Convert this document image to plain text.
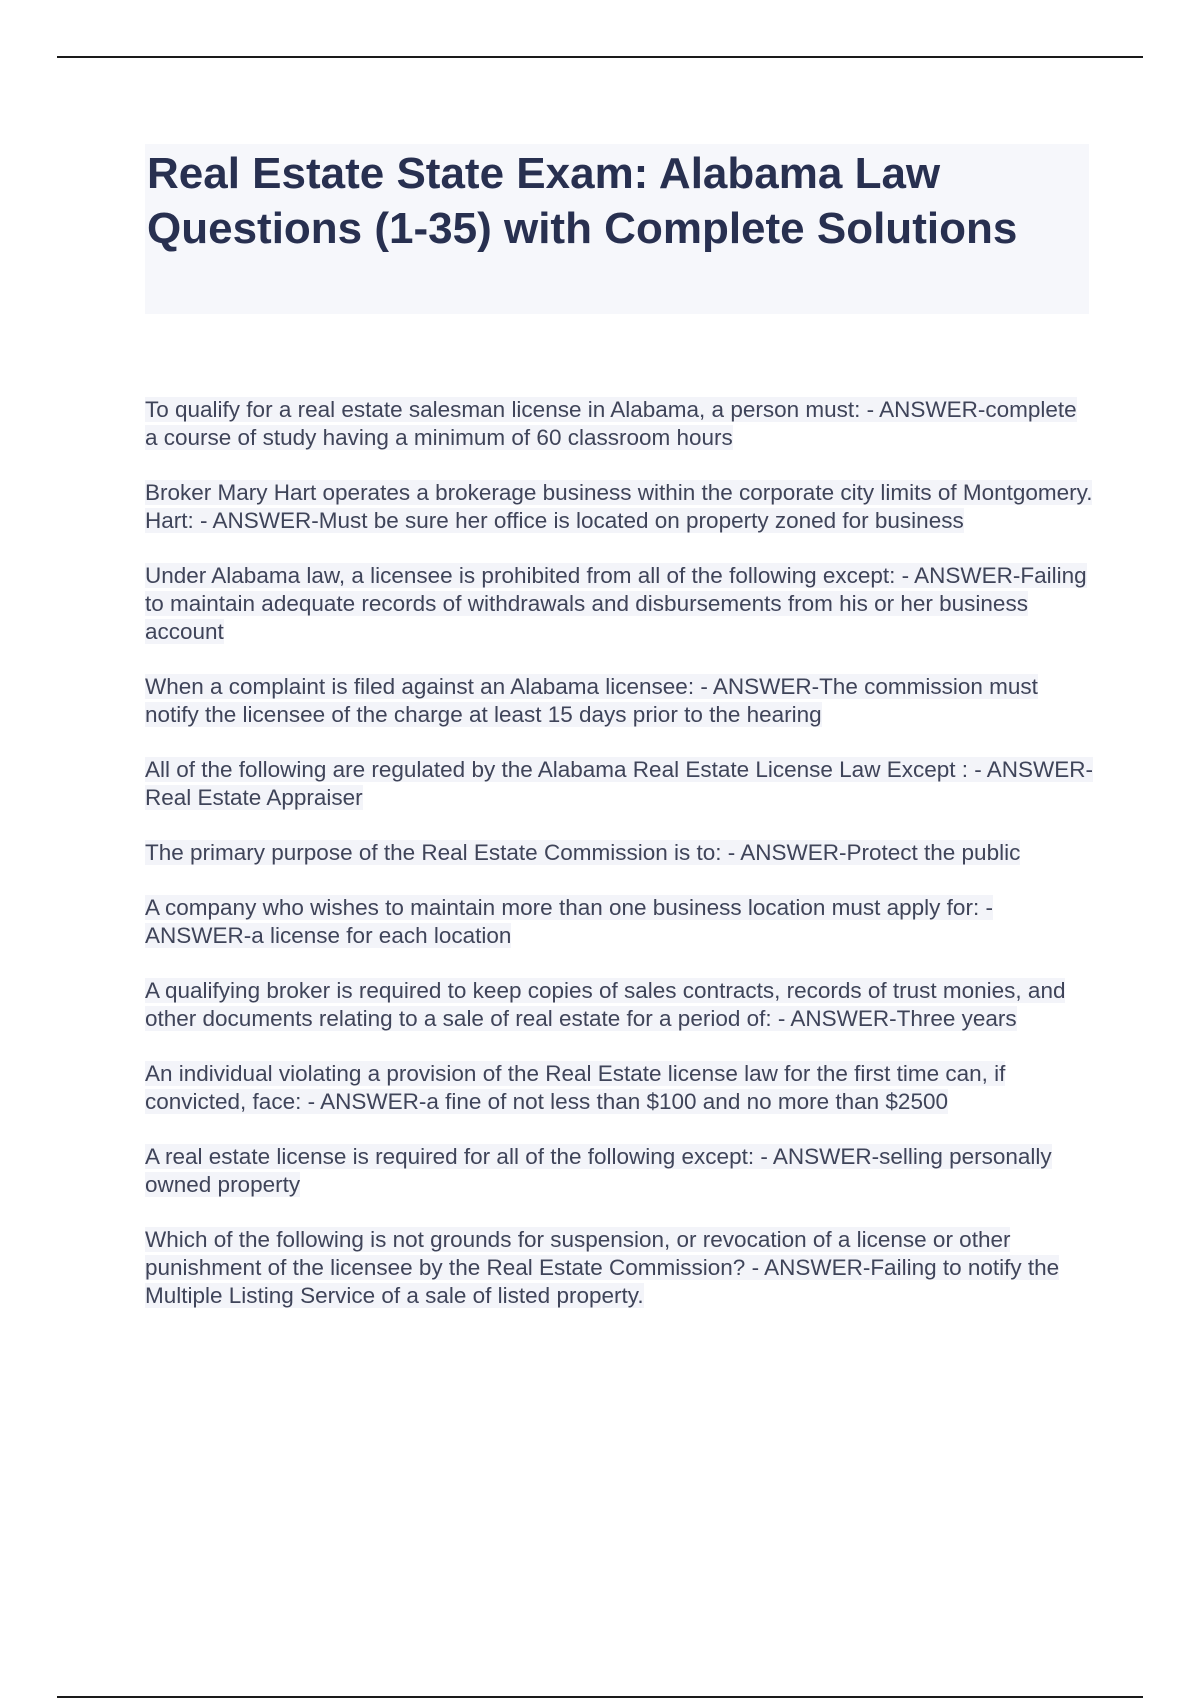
Real Estate State Exam: Alabama Law Questions (1-35) with Complete Solutions
To qualify for a real estate salesman license in Alabama, a person must: - ANSWER-complete a course of study having a minimum of 60 classroom hours
Broker Mary Hart operates a brokerage business within the corporate city limits of Montgomery. Hart: - ANSWER-Must be sure her office is located on property zoned for business
Under Alabama law, a licensee is prohibited from all of the following except: - ANSWER-Failing to maintain adequate records of withdrawals and disbursements from his or her business account
When a complaint is filed against an Alabama licensee: - ANSWER-The commission must notify the licensee of the charge at least 15 days prior to the hearing
All of the following are regulated by the Alabama Real Estate License Law Except : - ANSWER-Real Estate Appraiser
The primary purpose of the Real Estate Commission is to: - ANSWER-Protect the public
A company who wishes to maintain more than one business location must apply for: - ANSWER-a license for each location
A qualifying broker is required to keep copies of sales contracts, records of trust monies, and other documents relating to a sale of real estate for a period of: - ANSWER-Three years
An individual violating a provision of the Real Estate license law for the first time can, if convicted, face: - ANSWER-a fine of not less than $100 and no more than $2500
A real estate license is required for all of the following except: - ANSWER-selling personally owned property
Which of the following is not grounds for suspension, or revocation of a license or other punishment of the licensee by the Real Estate Commission? - ANSWER-Failing to notify the Multiple Listing Service of a sale of listed property.
